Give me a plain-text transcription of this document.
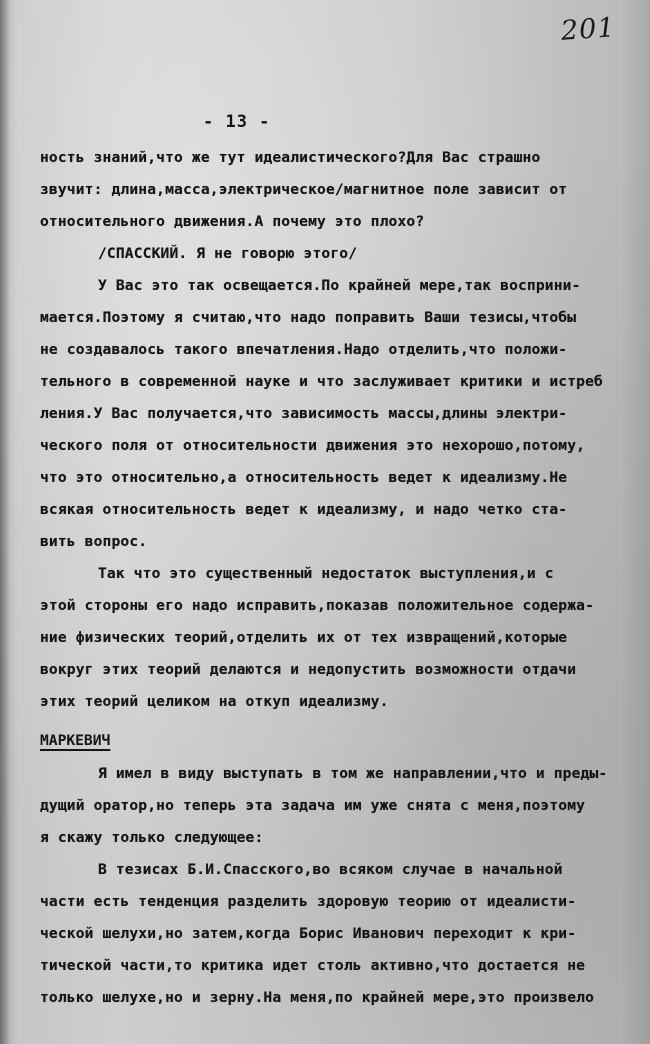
201
- 13 -
ность знаний,что же тут идеалистического?Для Вас страшно
звучит: длина,масса,электрическое/магнитное поле зависит от
относительного движения.А почему это плохо?
/СПАССКИЙ. Я не говорю этого/
У Вас это так освещается.По крайней мере,так восприни-
мается.Поэтому я считаю,что надо поправить Ваши тезисы,чтобы
не создавалось такого впечатления.Надо отделить,что положи-
тельного в современной науке и что заслуживает критики и истреб
ления.У Вас получается,что зависимость массы,длины электри-
ческого поля от относительности движения это нехорошо,потому,
что это относительно,а относительность ведет к идеализму.Не
всякая относительность ведет к идеализму, и надо четко ста-
вить вопрос.
Так что это существенный недостаток выступления,и с
этой стороны его надо исправить,показав положительное содержа-
ние физических теорий,отделить их от тех извращений,которые
вокруг этих теорий делаются и недопустить возможности отдачи
этих теорий целиком на откуп идеализму.
МАРКЕВИЧ
Я имел в виду выступать в том же направлении,что и преды-
дущий оратор,но теперь эта задача им уже снята с меня,поэтому
я скажу только следующее:
В тезисах Б.И.Спасского,во всяком случае в начальной
части есть тенденция разделить здоровую теорию от идеалисти-
ческой шелухи,но затем,когда Борис Иванович переходит к кри-
тической части,то критика идет столь активно,что достается не
только шелухе,но и зерну.На меня,по крайней мере,это произвело
